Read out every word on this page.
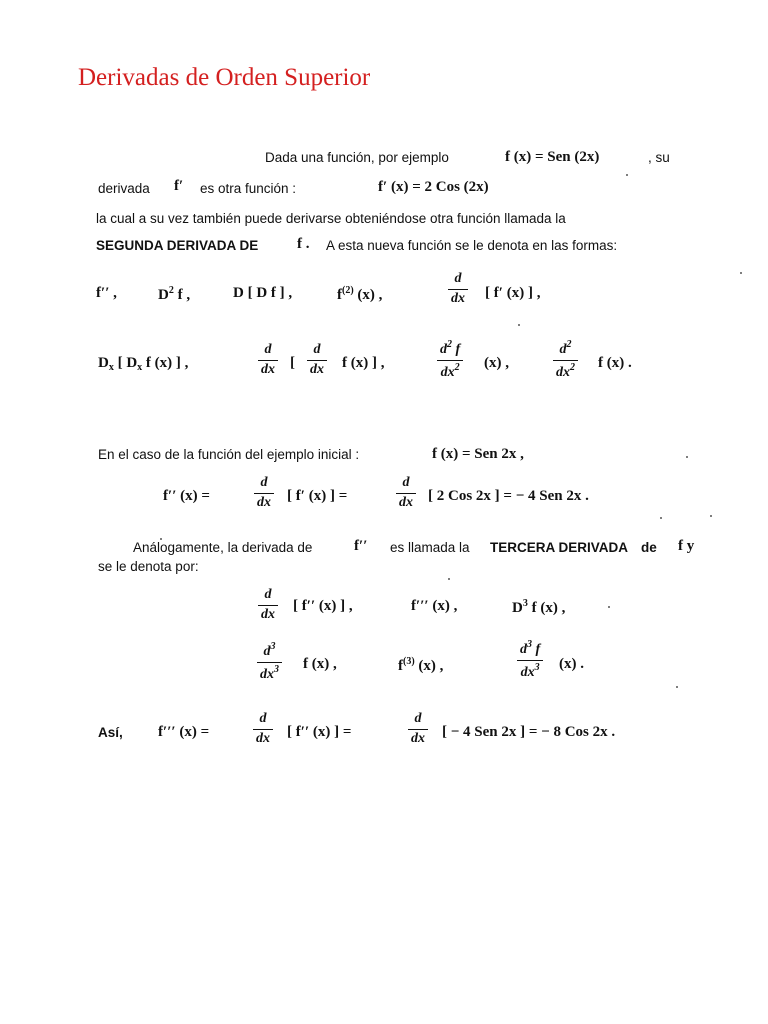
Derivadas de Orden Superior
Dada una función, por ejemplo	f (x) = Sen (2x)	, su
derivada f′ es otra función :	f′ (x) = 2 Cos (2x)
la cual a su vez también puede derivarse obteniéndose otra función llamada la
SEGUNDA DERIVADA DE	f . A esta nueva función se le denota en las formas:
f′′ ,	$D^2$ f ,	D [ D f ] ,	$f^{(2)}$ (x) ,
d
dx [ f′ (x) ] ,
$D_x$ [ $D_x$ f (x) ] ,
d
dx [
d
dx f (x) ] ,
$d^2$ f
$dx^2$ (x) ,
$d^2$
$dx^2$ f (x) .
En el caso de la función del ejemplo inicial :	f (x) = Sen 2x ,
f′′ (x) =
d
dx [ f′ (x) ] =
d
dx [ 2 Cos 2x ] = − 4 Sen 2x .
Análogamente, la derivada de	f′′ es llamada la TERCERA DERIVADA de f y
se le denota por:
d
dx
[ f′′ (x) ] ,	f′′′ (x) ,	$D^3$ f (x) ,
$d^3$
$dx^3$ f (x) ,	$f^{(3)}$ (x) ,
$d^3$ f
$dx^3$ (x) .
Así, f′′′ (x) =
d
dx [ f′′ (x) ] =
d
dx [ − 4 Sen 2x ] = − 8 Cos 2x .
